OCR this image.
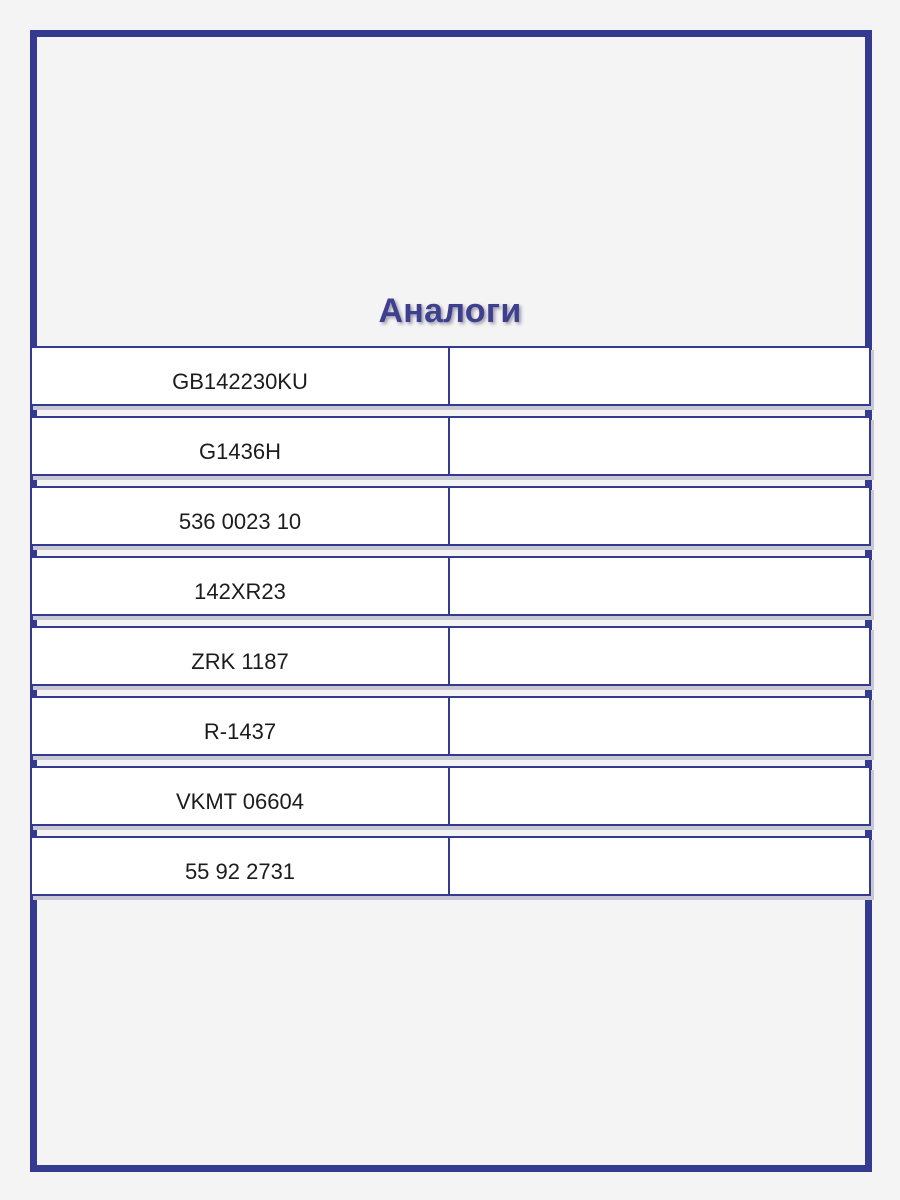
Аналоги
GB142230KU
G1436H
536 0023 10
142XR23
ZRK 1187
R-1437
VKMT 06604
55 92 2731
